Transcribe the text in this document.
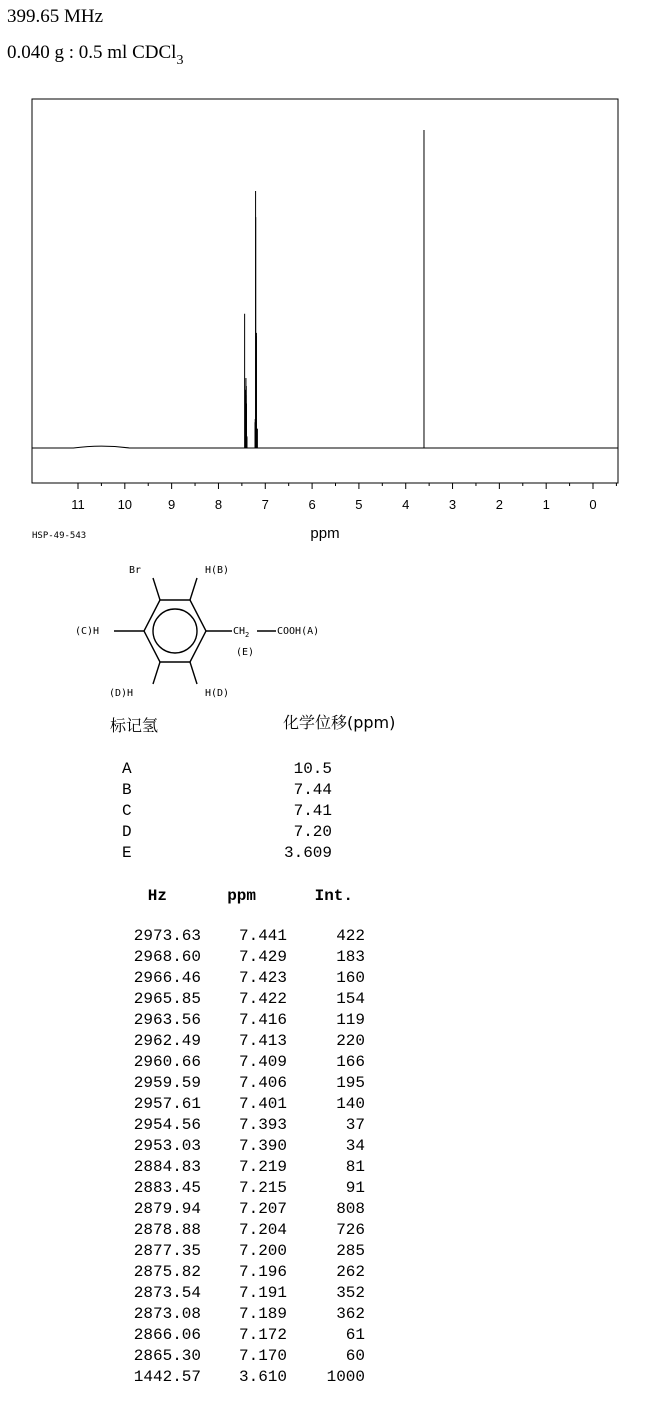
399.65 MHz
0.040 g : 0.5 ml CDCl$_3$
11	10	9	8	7	6	5	4	3	2	1	0
ppm
HSP-49-543
Br	H(B)
(C)H	$CH_2$	COOH(A)
(E)
(D)H	H(D)
标记氢	化学位移(ppm)
A	10.5
B	7.44
C	7.41
D	7.20
E	3.609
Hz	ppm	Int.
2973.63	7.441	422
2968.60	7.429	183
2966.46	7.423	160
2965.85	7.422	154
2963.56	7.416	119
2962.49	7.413	220
2960.66	7.409	166
2959.59	7.406	195
2957.61	7.401	140
2954.56	7.393	37
2953.03	7.390	34
2884.83	7.219	81
2883.45	7.215	91
2879.94	7.207	808
2878.88	7.204	726
2877.35	7.200	285
2875.82	7.196	262
2873.54	7.191	352
2873.08	7.189	362
2866.06	7.172	61
2865.30	7.170	60
1442.57	3.610	1000
